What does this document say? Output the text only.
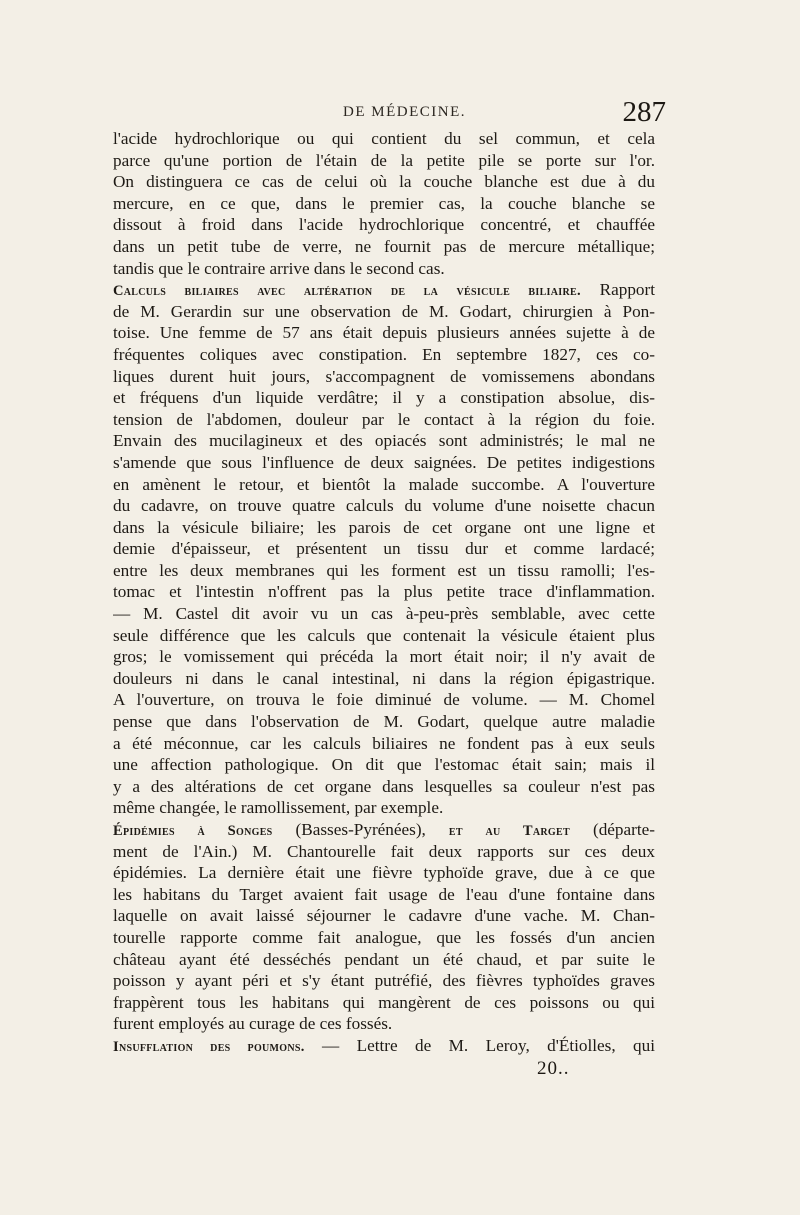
DE MÉDECINE.	287
l'acide hydrochlorique ou qui contient du sel commun, et cela
parce qu'une portion de l'étain de la petite pile se porte sur l'or.
On distinguera ce cas de celui où la couche blanche est due à du
mercure, en ce que, dans le premier cas, la couche blanche se
dissout à froid dans l'acide hydrochlorique concentré, et chauffée
dans un petit tube de verre, ne fournit pas de mercure métallique;
tandis que le contraire arrive dans le second cas.
Calculs biliaires avec altération de la vésicule biliaire. Rapport
de M. Gerardin sur une observation de M. Godart, chirurgien à Pon-
toise. Une femme de 57 ans était depuis plusieurs années sujette à de
fréquentes coliques avec constipation. En septembre 1827, ces co-
liques durent huit jours, s'accompagnent de vomissemens abondans
et fréquens d'un liquide verdâtre; il y a constipation absolue, dis-
tension de l'abdomen, douleur par le contact à la région du foie.
Envain des mucilagineux et des opiacés sont administrés; le mal ne
s'amende que sous l'influence de deux saignées. De petites indigestions
en amènent le retour, et bientôt la malade succombe. A l'ouverture
du cadavre, on trouve quatre calculs du volume d'une noisette chacun
dans la vésicule biliaire; les parois de cet organe ont une ligne et
demie d'épaisseur, et présentent un tissu dur et comme lardacé;
entre les deux membranes qui les forment est un tissu ramolli; l'es-
tomac et l'intestin n'offrent pas la plus petite trace d'inflammation.
— M. Castel dit avoir vu un cas à-peu-près semblable, avec cette
seule différence que les calculs que contenait la vésicule étaient plus
gros; le vomissement qui précéda la mort était noir; il n'y avait de
douleurs ni dans le canal intestinal, ni dans la région épigastrique.
A l'ouverture, on trouva le foie diminué de volume. — M. Chomel
pense que dans l'observation de M. Godart, quelque autre maladie
a été méconnue, car les calculs biliaires ne fondent pas à eux seuls
une affection pathologique. On dit que l'estomac était sain; mais il
y a des altérations de cet organe dans lesquelles sa couleur n'est pas
même changée, le ramollissement, par exemple.
Épidémies à Songes (Basses-Pyrénées), et au Target (départe-
ment de l'Ain.) M. Chantourelle fait deux rapports sur ces deux
épidémies. La dernière était une fièvre typhoïde grave, due à ce que
les habitans du Target avaient fait usage de l'eau d'une fontaine dans
laquelle on avait laissé séjourner le cadavre d'une vache. M. Chan-
tourelle rapporte comme fait analogue, que les fossés d'un ancien
château ayant été desséchés pendant un été chaud, et par suite le
poisson y ayant péri et s'y étant putréfié, des fièvres typhoïdes graves
frappèrent tous les habitans qui mangèrent de ces poissons ou qui
furent employés au curage de ces fossés.
Insufflation des poumons. — Lettre de M. Leroy, d'Étiolles, qui
20..
